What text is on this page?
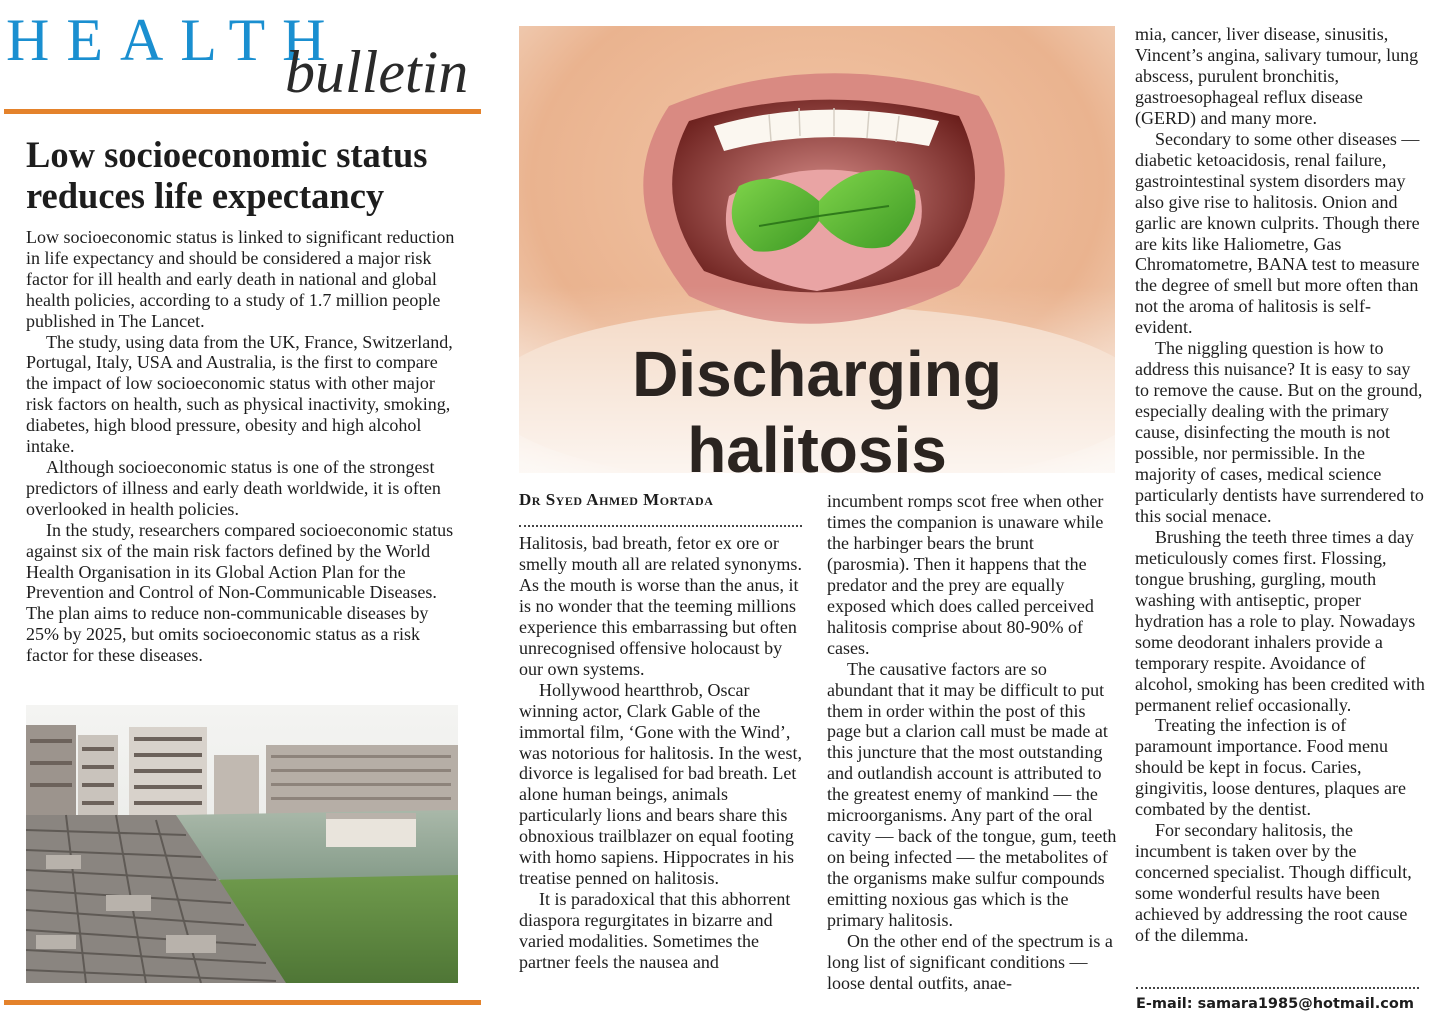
HEALTH
bulletin
Low socioeconomic status reduces life expectancy

Low socioeconomic status is linked to significant reduction in life expectancy and should be considered a major risk factor for ill health and early death in national and global health policies, according to a study of 1.7 million people published in The Lancet.

The study, using data from the UK, France, Switzerland, Portugal, Italy, USA and Australia, is the first to compare the impact of low socioeconomic status with other major risk factors on health, such as physical inactivity, smoking, diabetes, high blood pressure, obesity and high alcohol intake.

Although socioeconomic status is one of the strongest predictors of illness and early death worldwide, it is often overlooked in health policies.

In the study, researchers compared socioeconomic status against six of the main risk factors defined by the World Health Organisation in its Global Action Plan for the Prevention and Control of Non-Communicable Diseases. The plan aims to reduce non-communicable diseases by 25% by 2025, but omits socioeconomic status as a risk factor for these diseases.

Discharging
halitosis
Dr Syed Ahmed Mortada

Halitosis, bad breath, fetor ex ore or smelly mouth all are related synonyms. As the mouth is worse than the anus, it is no wonder that the teeming millions experience this embarrassing but often unrecognised offensive holocaust by our own systems.

Hollywood heartthrob, Oscar winning actor, Clark Gable of the immortal film, ‘Gone with the Wind’, was notorious for halitosis. In the west, divorce is legalised for bad breath. Let alone human beings, animals particularly lions and bears share this obnoxious trailblazer on equal footing with homo sapiens. Hippocrates in his treatise penned on halitosis.

It is paradoxical that this abhorrent diaspora regurgitates in bizarre and varied modalities. Sometimes the partner feels the nausea and

incumbent romps scot free when other times the companion is unaware while the harbinger bears the brunt (parosmia). Then it happens that the predator and the prey are equally exposed which does called perceived halitosis comprise about 80-90% of cases.

The causative factors are so abundant that it may be difficult to put them in order within the post of this page but a clarion call must be made at this juncture that the most outstanding and outlandish account is attributed to the greatest enemy of mankind — the microorganisms. Any part of the oral cavity — back of the tongue, gum, teeth on being infected — the metabolites of the organisms make sulfur compounds emitting noxious gas which is the primary halitosis.

On the other end of the spectrum is a long list of significant conditions — loose dental outfits, anae-

mia, cancer, liver disease, sinusitis, Vincent’s angina, salivary tumour, lung abscess, purulent bronchitis, gastroesophageal reflux disease (GERD) and many more.

Secondary to some other diseases — diabetic ketoacidosis, renal failure, gastrointestinal system disorders may also give rise to halitosis. Onion and garlic are known culprits. Though there are kits like Haliometre, Gas Chromatometre, BANA test to measure the degree of smell but more often than not the aroma of halitosis is self-evident.

The niggling question is how to address this nuisance? It is easy to say to remove the cause. But on the ground, especially dealing with the primary cause, disinfecting the mouth is not possible, nor permissible. In the majority of cases, medical science particularly dentists have surrendered to this social menace.

Brushing the teeth three times a day meticulously comes first. Flossing, tongue brushing, gurgling, mouth washing with antiseptic, proper hydration has a role to play. Nowadays some deodorant inhalers provide a temporary respite. Avoidance of alcohol, smoking has been credited with permanent relief occasionally.

Treating the infection is of paramount importance. Food menu should be kept in focus. Caries, gingivitis, loose dentures, plaques are combated by the dentist.

For secondary halitosis, the incumbent is taken over by the concerned specialist. Though difficult, some wonderful results have been achieved by addressing the root cause of the dilemma.

E-mail: samara1985@hotmail.com
